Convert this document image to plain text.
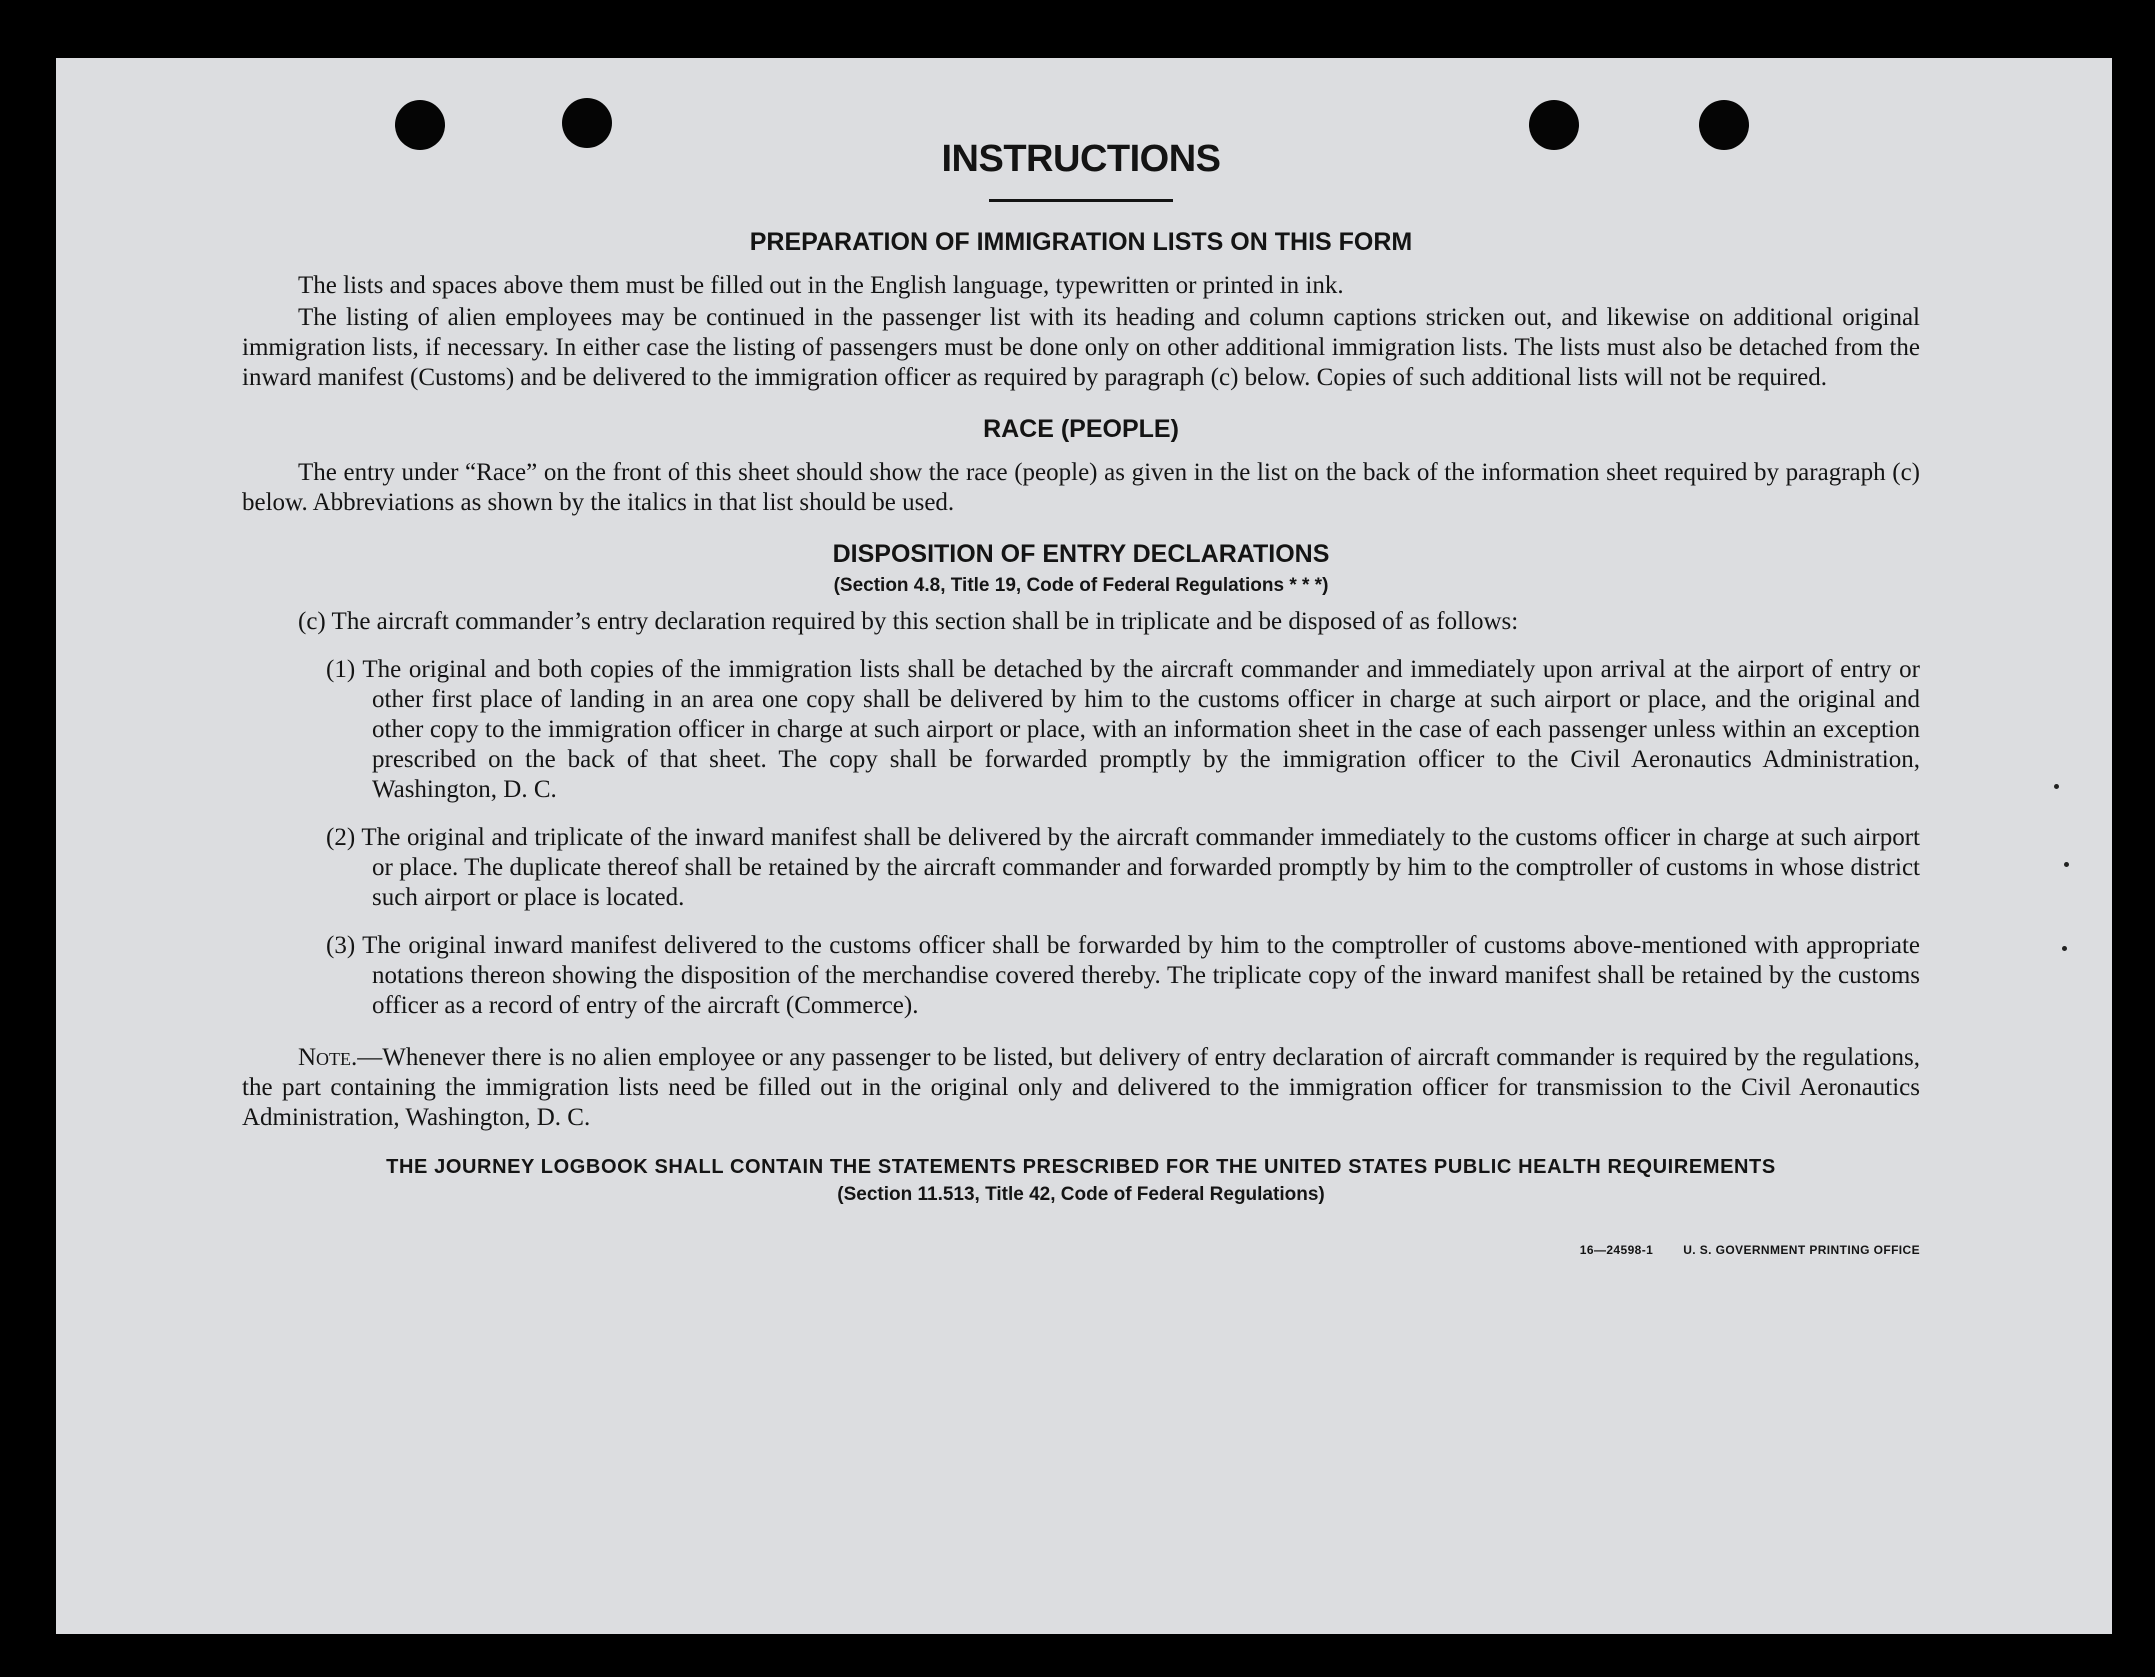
INSTRUCTIONS
PREPARATION OF IMMIGRATION LISTS ON THIS FORM

The lists and spaces above them must be filled out in the English language, typewritten or printed in ink.

The listing of alien employees may be continued in the passenger list with its heading and column captions stricken out, and likewise on additional original immigration lists, if necessary. In either case the listing of passengers must be done only on other additional immigration lists. The lists must also be detached from the inward manifest (Customs) and be delivered to the immigration officer as required by paragraph (c) below. Copies of such additional lists will not be required.

RACE (PEOPLE)

The entry under “Race” on the front of this sheet should show the race (people) as given in the list on the back of the information sheet required by paragraph (c) below. Abbreviations as shown by the italics in that list should be used.

DISPOSITION OF ENTRY DECLARATIONS
(Section 4.8, Title 19, Code of Federal Regulations * * *)

(c) The aircraft commander’s entry declaration required by this section shall be in triplicate and be disposed of as follows:

(1) The original and both copies of the immigration lists shall be detached by the aircraft commander and immediately upon arrival at the airport of entry or other first place of landing in an area one copy shall be delivered by him to the customs officer in charge at such airport or place, and the original and other copy to the immigration officer in charge at such airport or place, with an information sheet in the case of each passenger unless within an exception prescribed on the back of that sheet. The copy shall be forwarded promptly by the immigration officer to the Civil Aeronautics Administration, Washington, D. C.

(2) The original and triplicate of the inward manifest shall be delivered by the aircraft commander immediately to the customs officer in charge at such airport or place. The duplicate thereof shall be retained by the aircraft commander and forwarded promptly by him to the comptroller of customs in whose district such airport or place is located.

(3) The original inward manifest delivered to the customs officer shall be forwarded by him to the comptroller of customs above-mentioned with appropriate notations thereon showing the disposition of the merchandise covered thereby. The triplicate copy of the inward manifest shall be retained by the customs officer as a record of entry of the aircraft (Commerce).

Note.—Whenever there is no alien employee or any passenger to be listed, but delivery of entry declaration of aircraft commander is required by the regulations, the part containing the immigration lists need be filled out in the original only and delivered to the immigration officer for transmission to the Civil Aeronautics Administration, Washington, D. C.

THE JOURNEY LOGBOOK SHALL CONTAIN THE STATEMENTS PRESCRIBED FOR THE UNITED STATES PUBLIC HEALTH REQUIREMENTS
(Section 11.513, Title 42, Code of Federal Regulations)
16—24598-1	U. S. GOVERNMENT PRINTING OFFICE
